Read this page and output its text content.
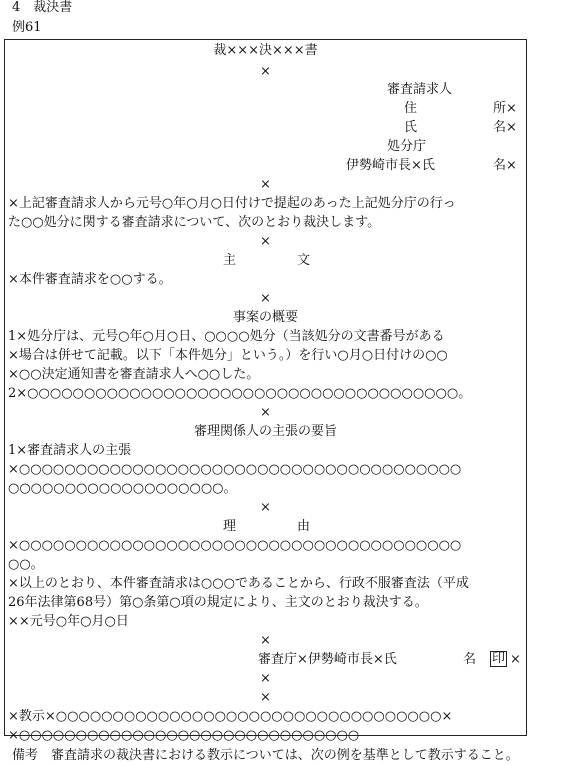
4　裁決書
例61
裁×××決×××書
×
審査請求人
住	所×
氏	名×
処分庁
伊勢崎市長×氏	名×
×
×上記審査請求人から元号○年○月○日付けで提起のあった上記処分庁の行っ
た○○処分に関する審査請求について、次のとおり裁決します。
×
主	文
×本件審査請求を○○する。
×
事案の概要
1×処分庁は、元号○年○月○日、○○○○処分（当該処分の文書番号がある
×場合は併せて記載。以下「本件処分」という。）を行い○月○日付けの○○
×○○決定通知書を審査請求人へ○○した。
2×○○○○○○○○○○○○○○○○○○○○○○○○○○○○○○○○○○○○○○。
×
審理関係人の主張の要旨
1×審査請求人の主張
×○○○○○○○○○○○○○○○○○○○○○○○○○○○○○○○○○○○○○○○
○○○○○○○○○○○○○○○○○○○。
×
理	由
×○○○○○○○○○○○○○○○○○○○○○○○○○○○○○○○○○○○○○○○
○○。
×以上のとおり、本件審査請求は○○○であることから、行政不服審査法（平成
26年法律第68号）第○条第○項の規定により、主文のとおり裁決する。
××元号○年○月○日
×
審査庁×伊勢崎市長×氏	名 印 ×
×
×
×教示×○○○○○○○○○○○○○○○○○○○○○○○○○○○○○○○○○○×
×○○○○○○○○○○○○○○○○○○○○○○○○○○○○○○
備考　審査請求の裁決書における教示については、次の例を基準として教示すること。
